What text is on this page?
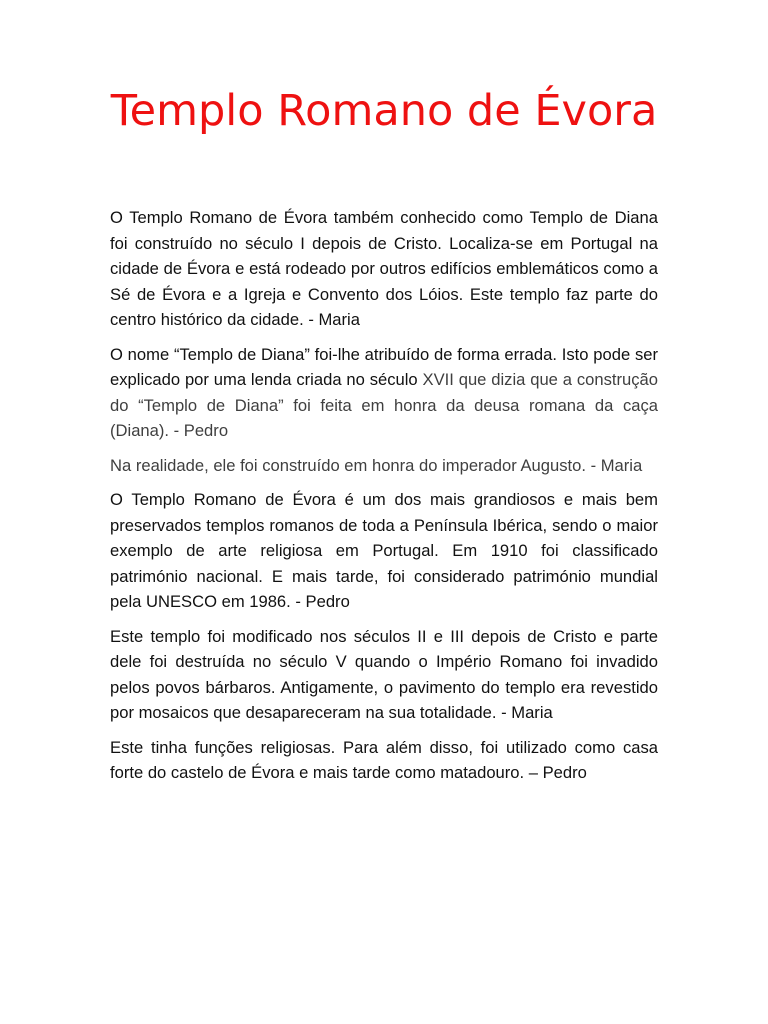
Templo Romano de Évora

O Templo Romano de Évora também conhecido como Templo de Diana foi construído no século I depois de Cristo. Localiza-se em Portugal na cidade de Évora e está rodeado por outros edifícios emblemáticos como a Sé de Évora e a Igreja e Convento dos Lóios. Este templo faz parte do centro histórico da cidade. - Maria

O nome “Templo de Diana” foi-lhe atribuído de forma errada. Isto pode ser explicado por uma lenda criada no século XVII que dizia que a construção do “Templo de Diana” foi feita em honra da deusa romana da caça (Diana). - Pedro

Na realidade, ele foi construído em honra do imperador Augusto. - Maria

O Templo Romano de Évora é um dos mais grandiosos e mais bem preservados templos romanos de toda a Península Ibérica, sendo o maior exemplo de arte religiosa em Portugal. Em 1910 foi classificado património nacional. E mais tarde, foi considerado património mundial pela UNESCO em 1986. - Pedro

Este templo foi modificado nos séculos II e III depois de Cristo e parte dele foi destruída no século V quando o Império Romano foi invadido pelos povos bárbaros. Antigamente, o pavimento do templo era revestido por mosaicos que desapareceram na sua totalidade. - Maria

Este tinha funções religiosas. Para além disso, foi utilizado como casa forte do castelo de Évora e mais tarde como matadouro. – Pedro
